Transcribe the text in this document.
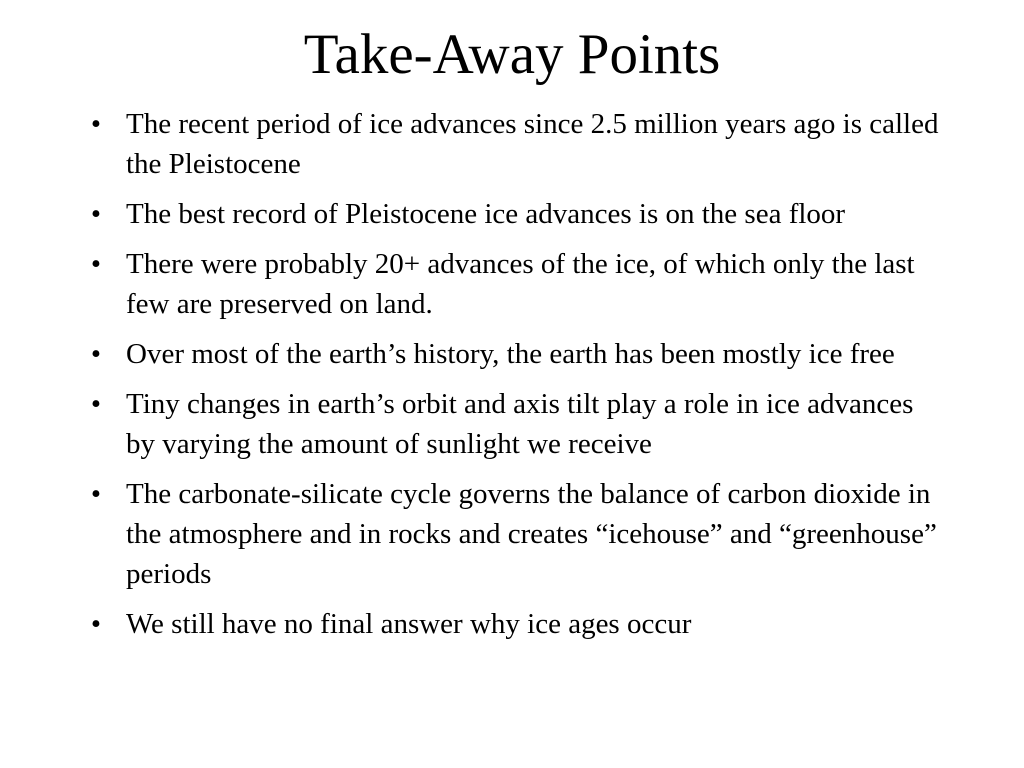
Take-Away Points
• The recent period of ice advances since 2.5 million years ago is called the Pleistocene
• The best record of Pleistocene ice advances is on the sea floor
• There were probably 20+ advances of the ice, of which only the last few are preserved on land.
• Over most of the earth’s history, the earth has been mostly ice free
• Tiny changes in earth’s orbit and axis tilt play a role in ice advances by varying the amount of sunlight we receive
• The carbonate-silicate cycle governs the balance of carbon dioxide in the atmosphere and in rocks and creates “icehouse” and “greenhouse” periods
• We still have no final answer why ice ages occur
